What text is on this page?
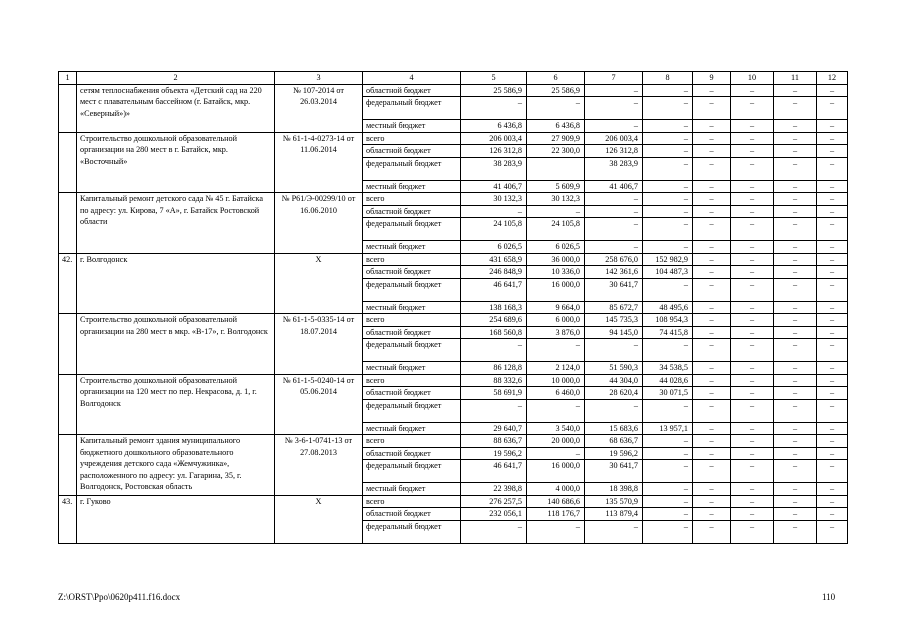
1	2	3	4	5	6	7	8	9	10	11	12
	сетям теплоснабжения объекта «Детский сад на 220 мест с плавательным бассейном (г. Батайск, мкр. «Северный»)»	№ 107-2014 от 26.03.2014	областной бюджет	25 586,9	25 586,9	–	–	–	–	–	–
			федеральный бюджет	–	–	–	–	–	–	–	–
			местный бюджет	6 436,8	6 436,8	–	–	–	–	–	–
	Строительство дошкольной образовательной организации на 280 мест в г. Батайск, мкр. «Восточный»	№ 61-1-4-0273-14 от 11.06.2014	всего	206 003,4	27 909,9	206 003,4	–	–	–	–	–
			областной бюджет	126 312,8	22 300,0	126 312,8	–	–	–	–	–
			федеральный бюджет	38 283,9		38 283,9	–	–	–	–	–
			местный бюджет	41 406,7	5 609,9	41 406,7	–	–	–	–	–
	Капитальный ремонт детского сада № 45 г. Батайска по адресу: ул. Кирова, 7 «А», г. Батайск Ростовской области	№ Р61/Э-00299/10 от 16.06.2010	всего	30 132,3	30 132,3	–	–	–	–	–	–
			областной бюджет	–	–	–	–	–	–	–	–
			федеральный бюджет	24 105,8	24 105,8	–	–	–	–	–	–
			местный бюджет	6 026,5	6 026,5	–	–	–	–	–	–
42.	г. Волгодонск	Х	всего	431 658,9	36 000,0	258 676,0	152 982,9	–	–	–	–
			областной бюджет	246 848,9	10 336,0	142 361,6	104 487,3	–	–	–	–
			федеральный бюджет	46 641,7	16 000,0	30 641,7	–	–	–	–	–
			местный бюджет	138 168,3	9 664,0	85 672,7	48 495,6	–	–	–	–
	Строительство дошкольной образовательной организации на 280 мест в мкр. «В-17», г. Волгодонск	№ 61-1-5-0335-14 от 18.07.2014	всего	254 689,6	6 000,0	145 735,3	108 954,3	–	–	–	–
			областной бюджет	168 560,8	3 876,0	94 145,0	74 415,8	–	–	–	–
			федеральный бюджет	–	–	–	–	–	–	–	–
			местный бюджет	86 128,8	2 124,0	51 590,3	34 538,5	–	–	–	–
	Строительство дошкольной образовательной организации на 120 мест по пер. Некрасова, д. 1, г. Волгодонск	№ 61-1-5-0240-14 от 05.06.2014	всего	88 332,6	10 000,0	44 304,0	44 028,6	–	–	–	–
			областной бюджет	58 691,9	6 460,0	28 620,4	30 071,5	–	–	–	–
			федеральный бюджет	–	–	–	–	–	–	–	–
			местный бюджет	29 640,7	3 540,0	15 683,6	13 957,1	–	–	–	–
	Капитальный ремонт здания муниципального бюджетного дошкольного образовательного учреждения детского сада «Жемчужинка», расположенного по адресу: ул. Гагарина, 35, г. Волгодонск, Ростовская область	№ 3-6-1-0741-13 от 27.08.2013	всего	88 636,7	20 000,0	68 636,7	–	–	–	–	–
			областной бюджет	19 596,2	–	19 596,2	–	–	–	–	–
			федеральный бюджет	46 641,7	16 000,0	30 641,7	–	–	–	–	–
			местный бюджет	22 398,8	4 000,0	18 398,8	–	–	–	–	–
43.	г. Гуково	Х	всего	276 257,5	140 686,6	135 570,9	–	–	–	–	–
			областной бюджет	232 056,1	118 176,7	113 879,4	–	–	–	–	–
			федеральный бюджет	–	–	–	–	–	–	–	–
Z:\ORST\Ppo\0620p411.f16.docx	110
